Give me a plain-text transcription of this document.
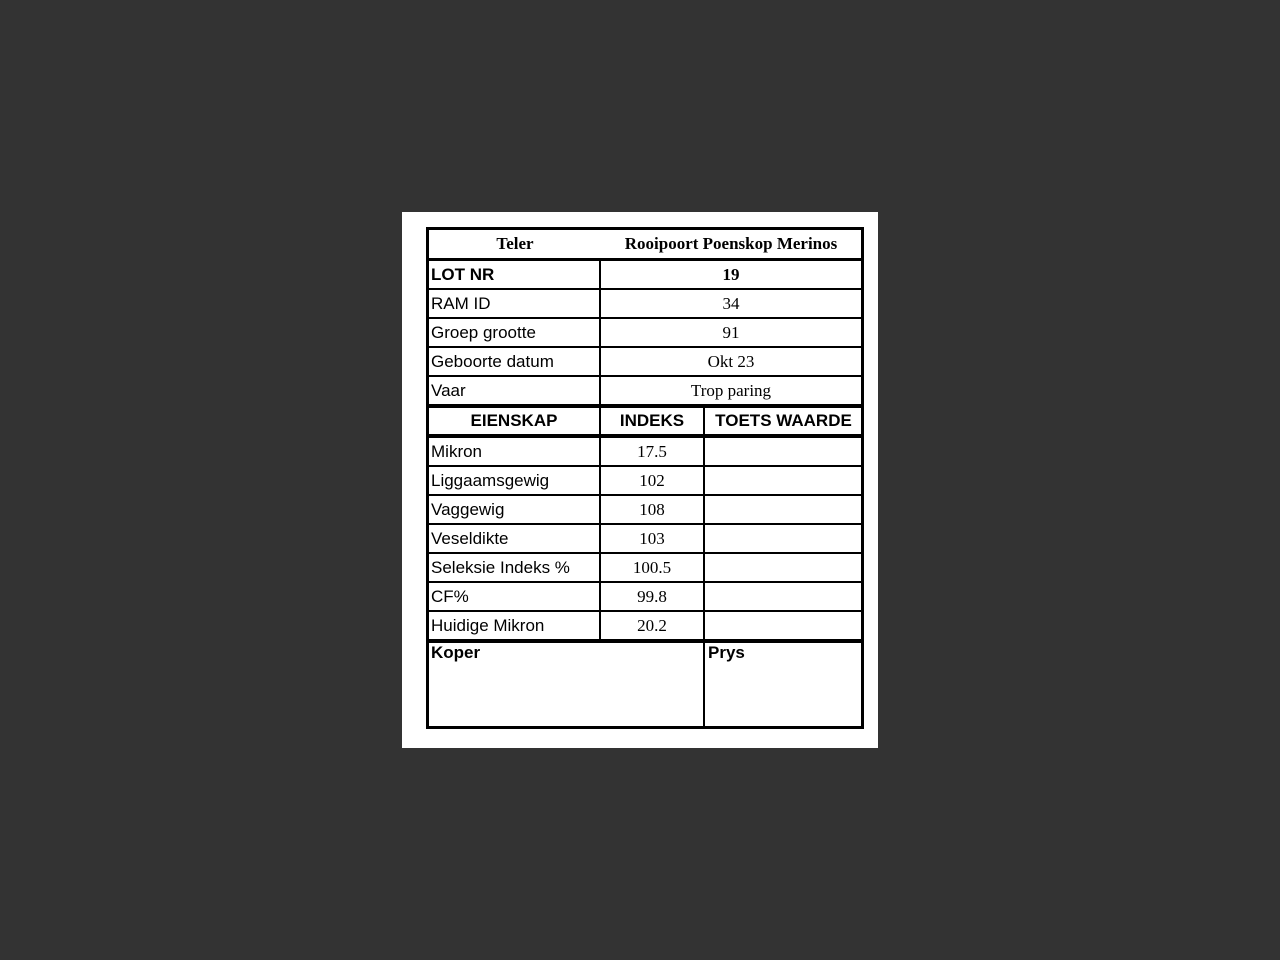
Teler	Rooipoort Poenskop Merinos
LOT NR	19
RAM ID	34
Groep grootte	91
Geboorte datum	Okt 23
Vaar	Trop paring
EIENSKAP	INDEKS	TOETS WAARDE
Mikron	17.5
Liggaamsgewig	102
Vaggewig	108
Veseldikte	103
Seleksie Indeks %	100.5
CF%	99.8
Huidige Mikron	20.2
Koper	Prys
